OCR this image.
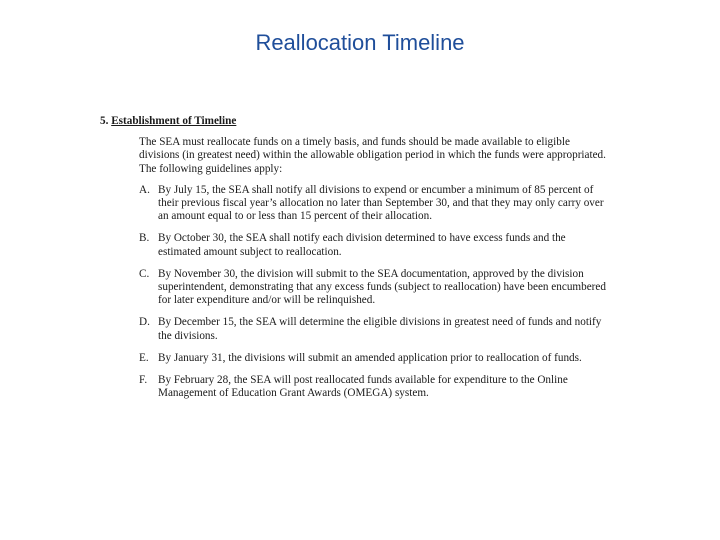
Reallocation Timeline

5. Establishment of Timeline

The SEA must reallocate funds on a timely basis, and funds should be made available to eligible divisions (in greatest need) within the allowable obligation period in which the funds were appropriated. The following guidelines apply:

A. By July 15, the SEA shall notify all divisions to expend or encumber a minimum of 85 percent of their previous fiscal year’s allocation no later than September 30, and that they may only carry over an amount equal to or less than 15 percent of their allocation.
B. By October 30, the SEA shall notify each division determined to have excess funds and the estimated amount subject to reallocation.
C. By November 30, the division will submit to the SEA documentation, approved by the division superintendent, demonstrating that any excess funds (subject to reallocation) have been encumbered for later expenditure and/or will be relinquished.
D. By December 15, the SEA will determine the eligible divisions in greatest need of funds and notify the divisions.
E. By January 31, the divisions will submit an amended application prior to reallocation of funds.
F. By February 28, the SEA will post reallocated funds available for expenditure to the Online Management of Education Grant Awards (OMEGA) system.
